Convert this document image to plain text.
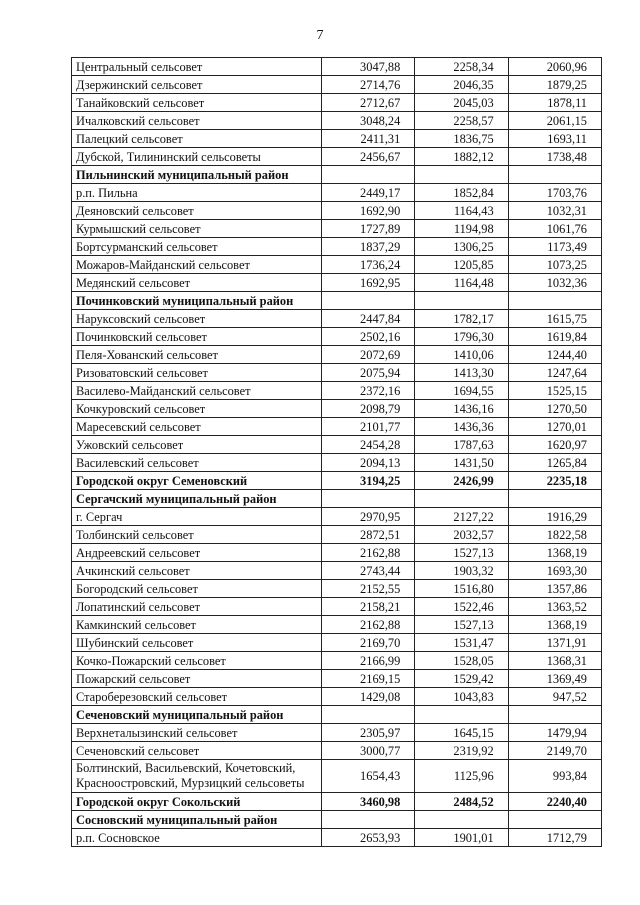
7
Центральный сельсовет	3047,88	2258,34	2060,96
Дзержинский сельсовет	2714,76	2046,35	1879,25
Танайковский сельсовет	2712,67	2045,03	1878,11
Ичалковский сельсовет	3048,24	2258,57	2061,15
Палецкий сельсовет	2411,31	1836,75	1693,11
Дубской, Тилининский сельсоветы	2456,67	1882,12	1738,48
Пильнинский муниципальный район			
р.п. Пильна	2449,17	1852,84	1703,76
Деяновский сельсовет	1692,90	1164,43	1032,31
Курмышский сельсовет	1727,89	1194,98	1061,76
Бортсурманский сельсовет	1837,29	1306,25	1173,49
Можаров-Майданский сельсовет	1736,24	1205,85	1073,25
Медянский сельсовет	1692,95	1164,48	1032,36
Починковский муниципальный район			
Наруксовский сельсовет	2447,84	1782,17	1615,75
Починковский сельсовет	2502,16	1796,30	1619,84
Пеля-Хованский сельсовет	2072,69	1410,06	1244,40
Ризоватовский сельсовет	2075,94	1413,30	1247,64
Василево-Майданский сельсовет	2372,16	1694,55	1525,15
Кочкуровский сельсовет	2098,79	1436,16	1270,50
Маресевский сельсовет	2101,77	1436,36	1270,01
Ужовский сельсовет	2454,28	1787,63	1620,97
Василевский сельсовет	2094,13	1431,50	1265,84
Городской округ Семеновский	3194,25	2426,99	2235,18
Сергачский муниципальный район			
г. Сергач	2970,95	2127,22	1916,29
Толбинский сельсовет	2872,51	2032,57	1822,58
Андреевский сельсовет	2162,88	1527,13	1368,19
Ачкинский сельсовет	2743,44	1903,32	1693,30
Богородский сельсовет	2152,55	1516,80	1357,86
Лопатинский сельсовет	2158,21	1522,46	1363,52
Камкинский сельсовет	2162,88	1527,13	1368,19
Шубинский сельсовет	2169,70	1531,47	1371,91
Кочко-Пожарский сельсовет	2166,99	1528,05	1368,31
Пожарский сельсовет	2169,15	1529,42	1369,49
Староберезовский сельсовет	1429,08	1043,83	947,52
Сеченовский муниципальный район			
Верхнеталызинский сельсовет	2305,97	1645,15	1479,94
Сеченовский сельсовет	3000,77	2319,92	2149,70
Болтинский, Васильевский, Кочетовский, Красноостровский, Мурзицкий сельсоветы	1654,43	1125,96	993,84
Городской округ Сокольский	3460,98	2484,52	2240,40
Сосновский муниципальный район			
р.п. Сосновское	2653,93	1901,01	1712,79
